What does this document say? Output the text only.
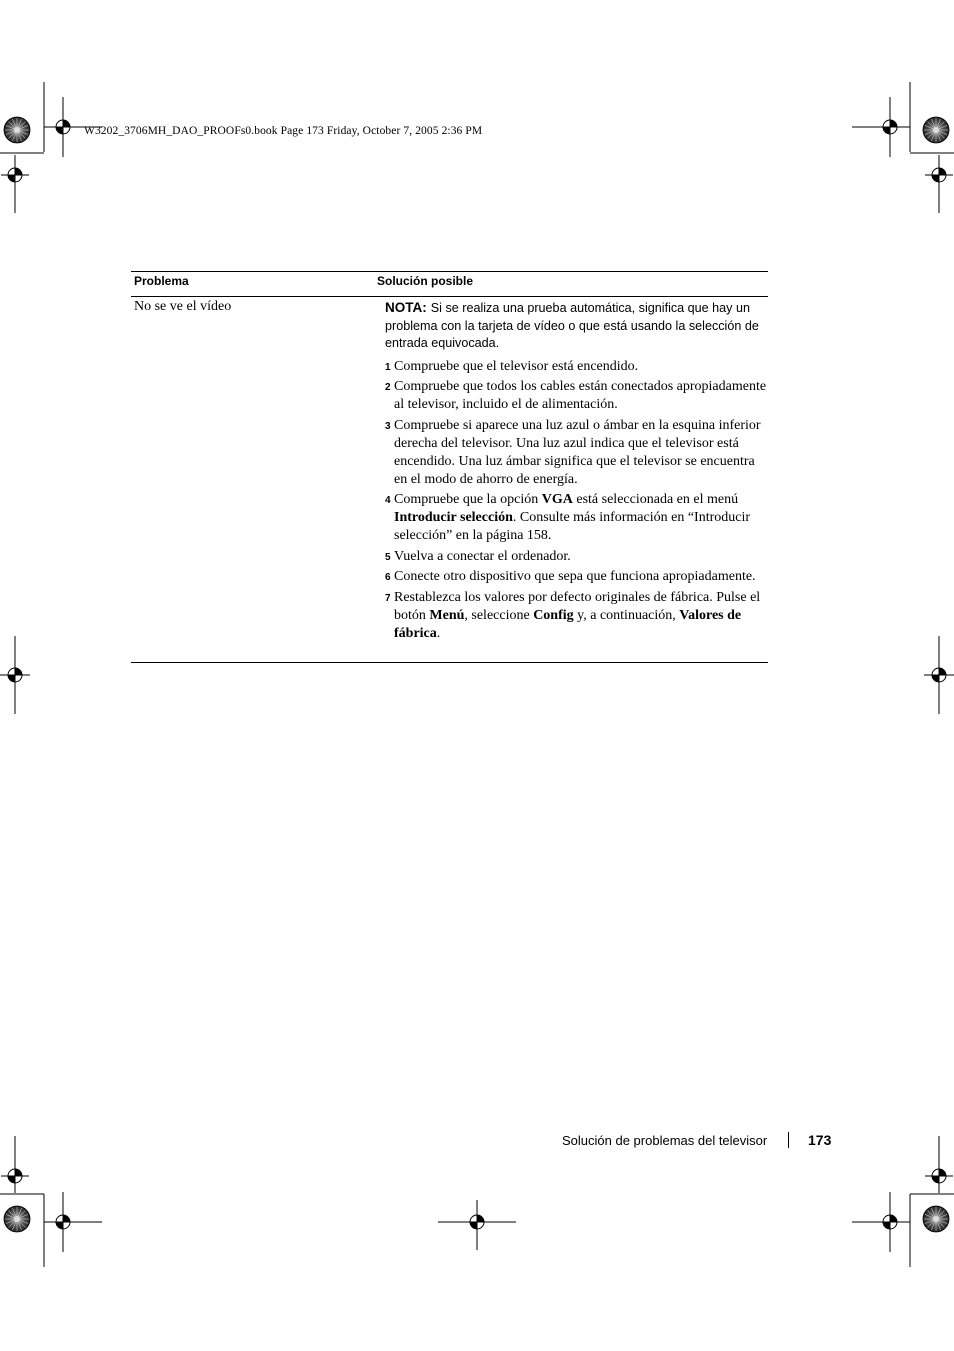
W3202_3706MH_DAO_PROOFs0.book Page 173 Friday, October 7, 2005 2:36 PM
Problema	Solución posible
No se ve el vídeo	NOTA: Si se realiza una prueba automática, significa que hay un problema con la tarjeta de vídeo o que está usando la selección de entrada equivocada.
1 Compruebe que el televisor está encendido.
2 Compruebe que todos los cables están conectados apropiadamente al televisor, incluido el de alimentación.
3 Compruebe si aparece una luz azul o ámbar en la esquina inferior derecha del televisor. Una luz azul indica que el televisor está encendido. Una luz ámbar significa que el televisor se encuentra en el modo de ahorro de energía.
4 Compruebe que la opción VGA está seleccionada en el menú Introducir selección. Consulte más información en “Introducir selección” en la página 158.
5 Vuelva a conectar el ordenador.
6 Conecte otro dispositivo que sepa que funciona apropiadamente.
7 Restablezca los valores por defecto originales de fábrica. Pulse el botón Menú, seleccione Config y, a continuación, Valores de fábrica.
Solución de problemas del televisor	173
